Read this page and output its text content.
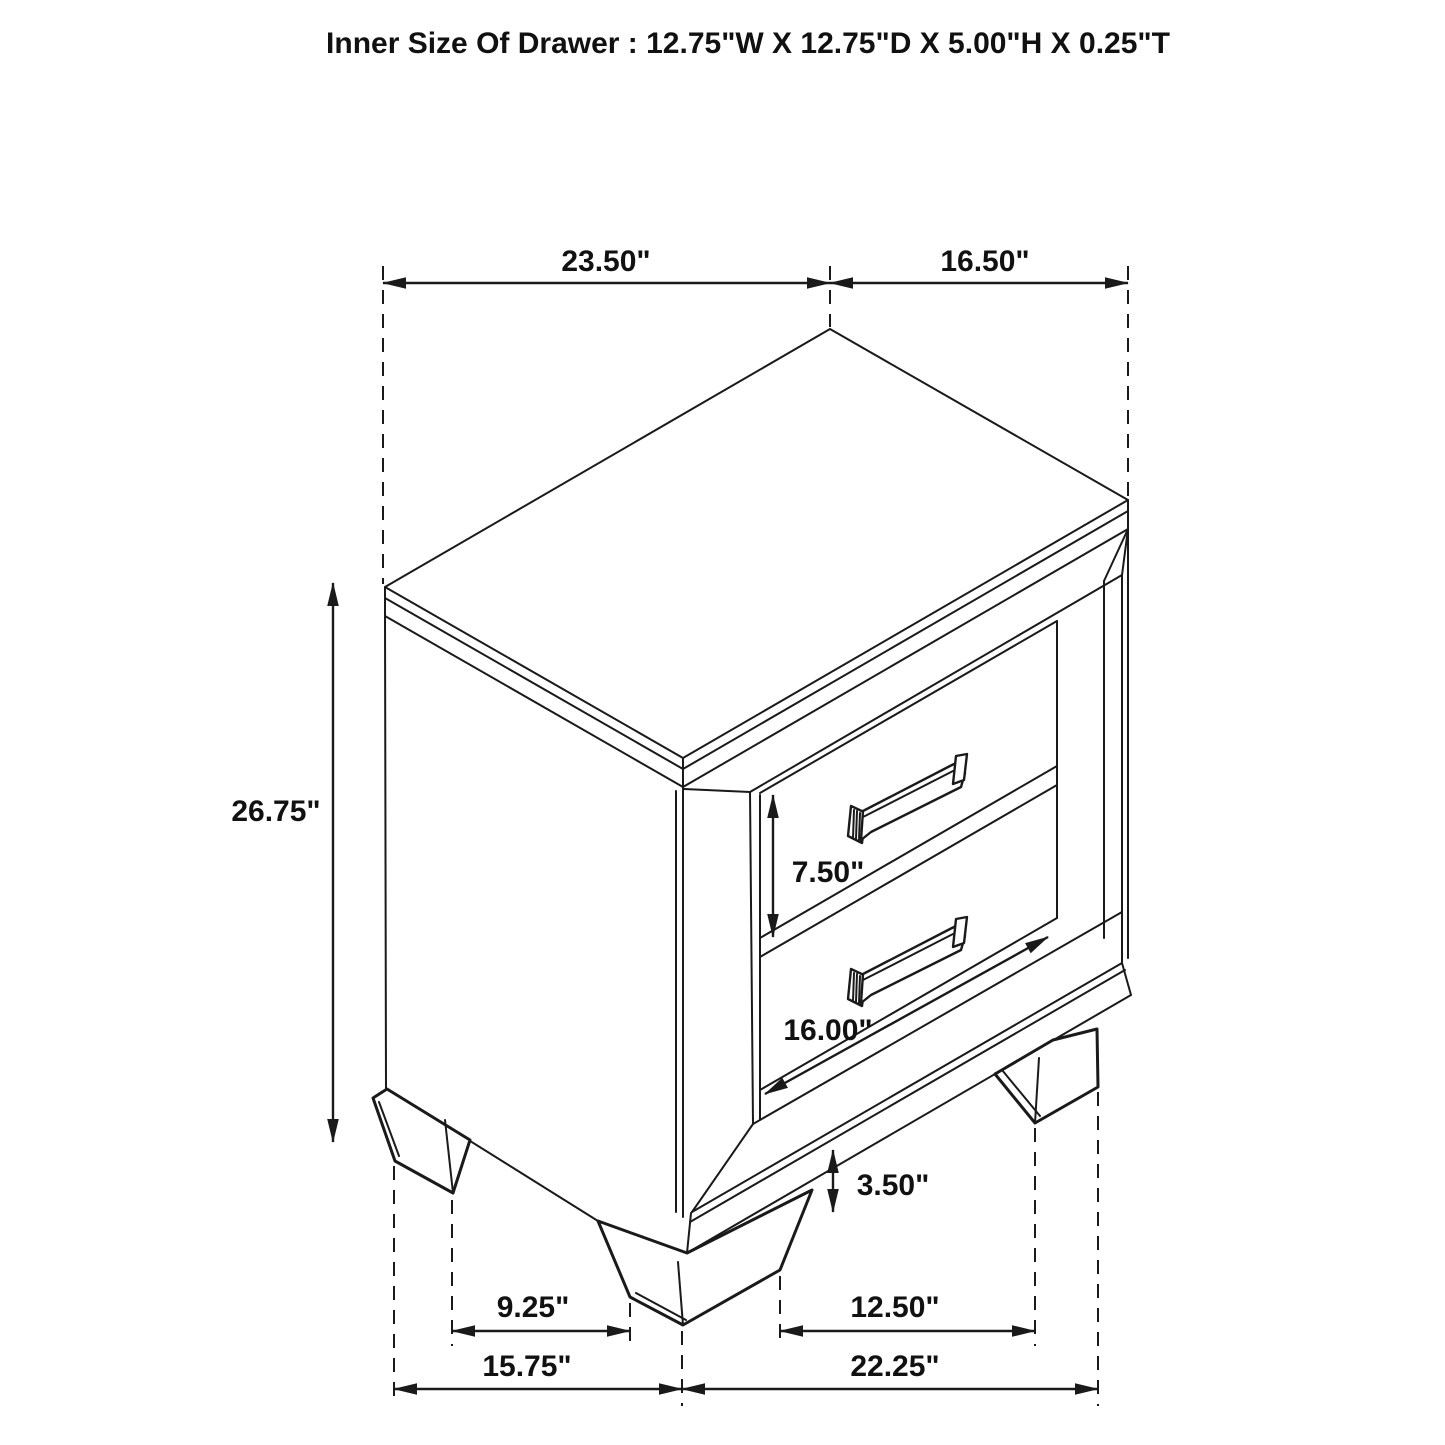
Inner Size Of Drawer : 12.75"W X 12.75"D X 5.00"H X 0.25"T
23.50"	16.50"
26.75"
7.50"
16.00"
3.50"
9.25"	12.50"
15.75"	22.25"
